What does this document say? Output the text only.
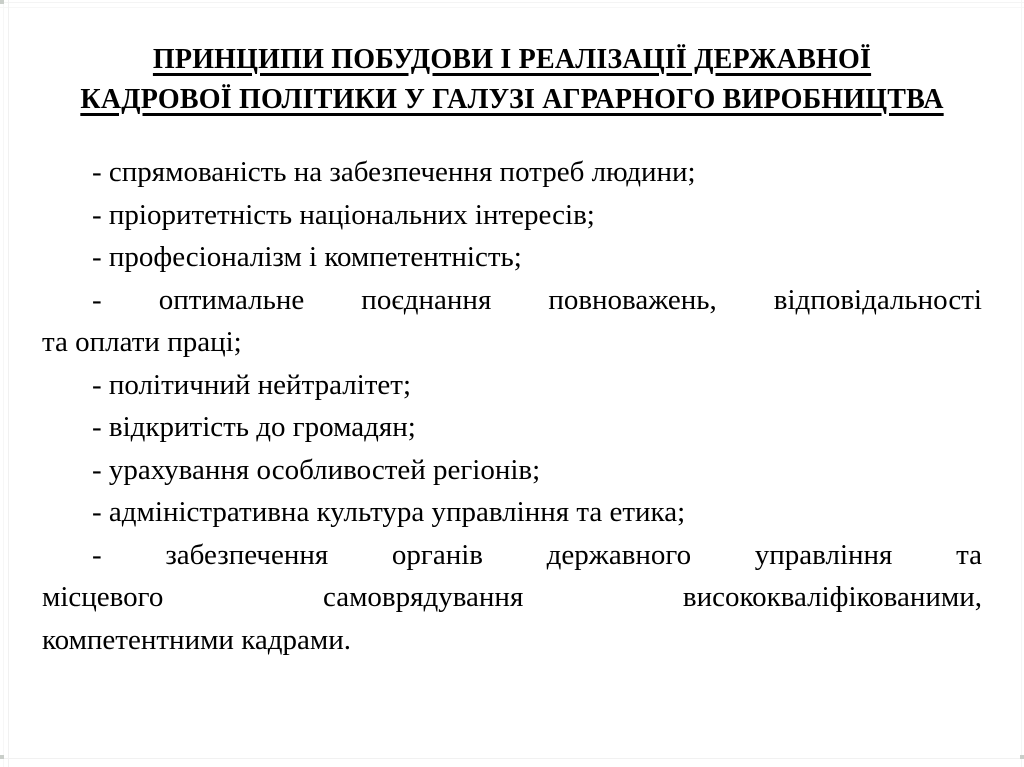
ПРИНЦИПИ ПОБУДОВИ І РЕАЛІЗАЦІЇ ДЕРЖАВНОЇ
КАДРОВОЇ ПОЛІТИКИ У ГАЛУЗІ АГРАРНОГО ВИРОБНИЦТВА

- спрямованість на забезпечення потреб людини;

- пріоритетність національних інтересів;

- професіоналізм і компетентність;

- оптимальне поєднання повноважень, відповідальності
та оплати праці;

- політичний нейтралітет;

- відкритість до громадян;

- урахування особливостей регіонів;

- адміністративна культура управління та етика;

- забезпечення органів державного управління та
місцевого самоврядування висококваліфікованими,
компетентними кадрами.
